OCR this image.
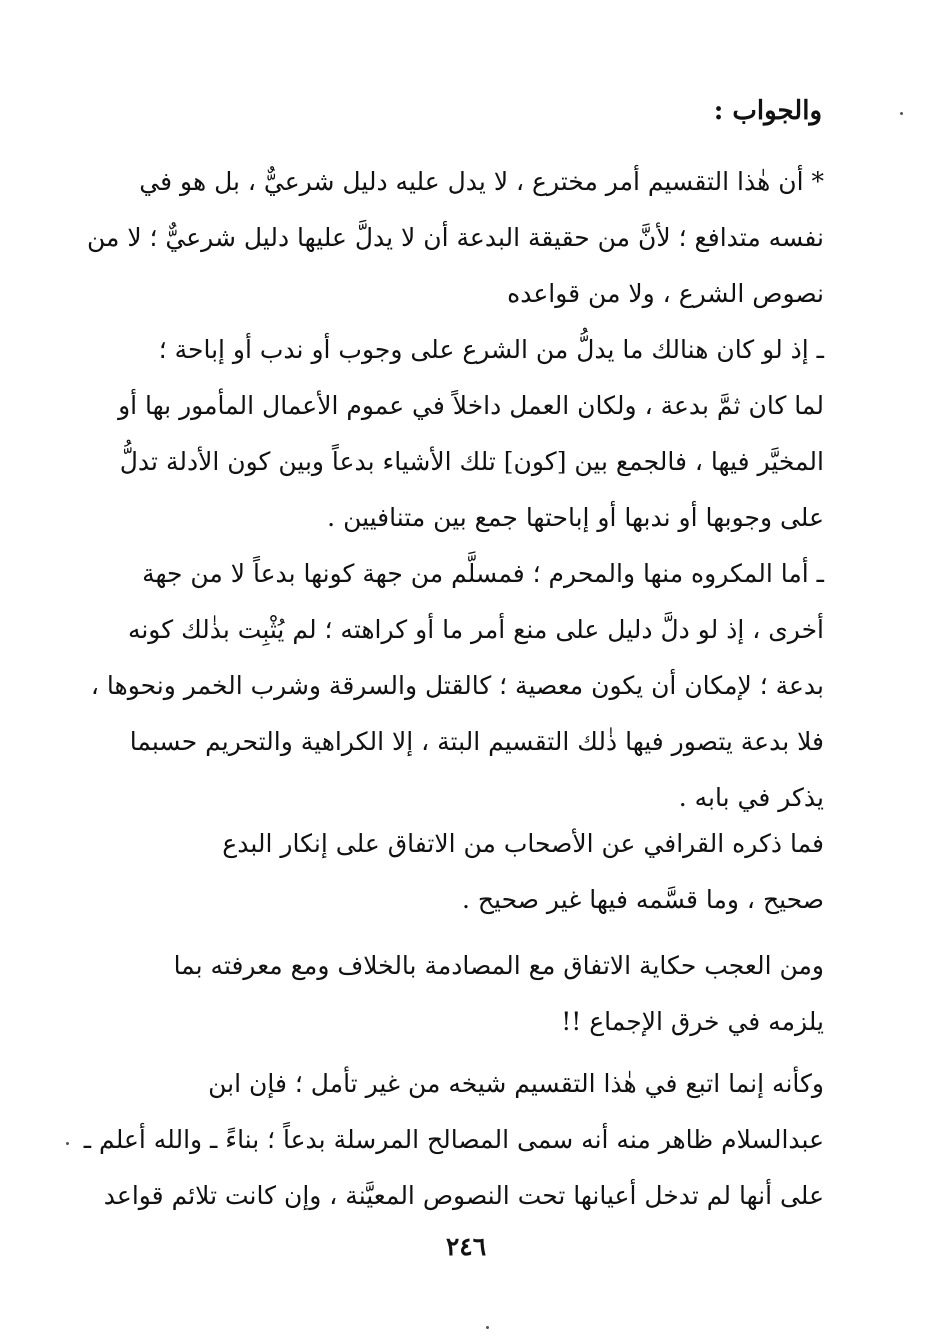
والجواب :

* أن هٰذا التقسيم أمر مخترع ، لا يدل عليه دليل شرعيٌّ ، بل هو في
نفسه متدافع ؛ لأنَّ من حقيقة البدعة أن لا يدلَّ عليها دليل شرعيٌّ ؛ لا من
نصوص الشرع ، ولا من قواعده

ـ إذ لو كان هنالك ما يدلُّ من الشرع على وجوب أو ندب أو إباحة ؛
لما كان ثمَّ بدعة ، ولكان العمل داخلاً في عموم الأعمال المأمور بها أو
المخيَّر فيها ، فالجمع بين [كون] تلك الأشياء بدعاً وبين كون الأدلة تدلُّ
على وجوبها أو ندبها أو إباحتها جمع بين متنافيين .

ـ أما المكروه منها والمحرم ؛ فمسلَّم من جهة كونها بدعاً لا من جهة
أخرى ، إذ لو دلَّ دليل على منع أمر ما أو كراهته ؛ لم يُثْبِت بذٰلك كونه
بدعة ؛ لإمكان أن يكون معصية ؛ كالقتل والسرقة وشرب الخمر ونحوها ،
فلا بدعة يتصور فيها ذٰلك التقسيم البتة ، إلا الكراهية والتحريم حسبما
يذكر في بابه .

فما ذكره القرافي عن الأصحاب من الاتفاق على إنكار البدع
صحيح ، وما قسَّمه فيها غير صحيح .

ومن العجب حكاية الاتفاق مع المصادمة بالخلاف ومع معرفته بما
يلزمه في خرق الإجماع !!

وكأنه إنما اتبع في هٰذا التقسيم شيخه من غير تأمل ؛ فإن ابن
عبدالسلام ظاهر منه أنه سمى المصالح المرسلة بدعاً ؛ بناءً ـ والله أعلم ـ
على أنها لم تدخل أعيانها تحت النصوص المعيَّنة ، وإن كانت تلائم قواعد

٢٤٦
